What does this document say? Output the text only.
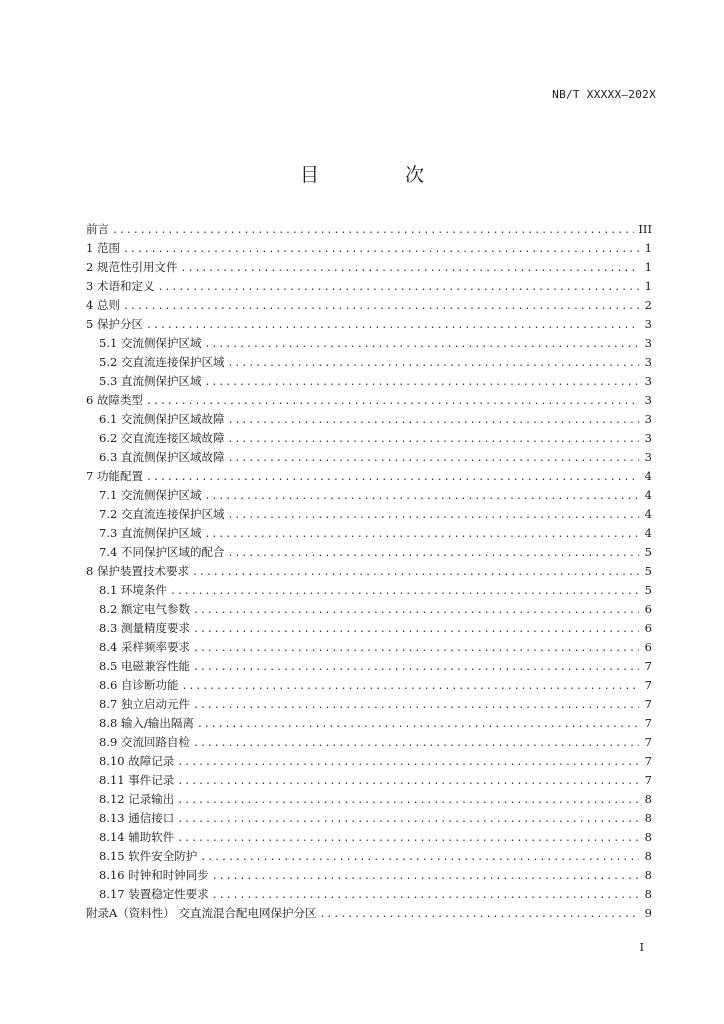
NB/T XXXXX—202X
目 次
前言 .....	III
1 范围 .....	1
2 规范性引用文件 .....	1
3 术语和定义 .....	1
4 总则 .....	2
5 保护分区 .....	3
5.1 交流侧保护区域 .....	3
5.2 交直流连接保护区域 .....	3
5.3 直流侧保护区域 .....	3
6 故障类型 .....	3
6.1 交流侧保护区域故障 .....	3
6.2 交直流连接区域故障 .....	3
6.3 直流侧保护区域故障 .....	3
7 功能配置 .....	4
7.1 交流侧保护区域 .....	4
7.2 交直流连接保护区域 .....	4
7.3 直流侧保护区域 .....	4
7.4 不同保护区域的配合 .....	5
8 保护装置技术要求 .....	5
8.1 环境条件 .....	5
8.2 额定电气参数 .....	6
8.3 测量精度要求 .....	6
8.4 采样频率要求 .....	6
8.5 电磁兼容性能 .....	7
8.6 自诊断功能 .....	7
8.7 独立启动元件 .....	7
8.8 输入/输出隔离 .....	7
8.9 交流回路自检 .....	7
8.10 故障记录 .....	7
8.11 事件记录 .....	7
8.12 记录输出 .....	8
8.13 通信接口 .....	8
8.14 辅助软件 .....	8
8.15 软件安全防护 .....	8
8.16 时钟和时钟同步 .....	8
8.17 装置稳定性要求 .....	8
附录A（资料性） 交直流混合配电网保护分区 .....	9
I
